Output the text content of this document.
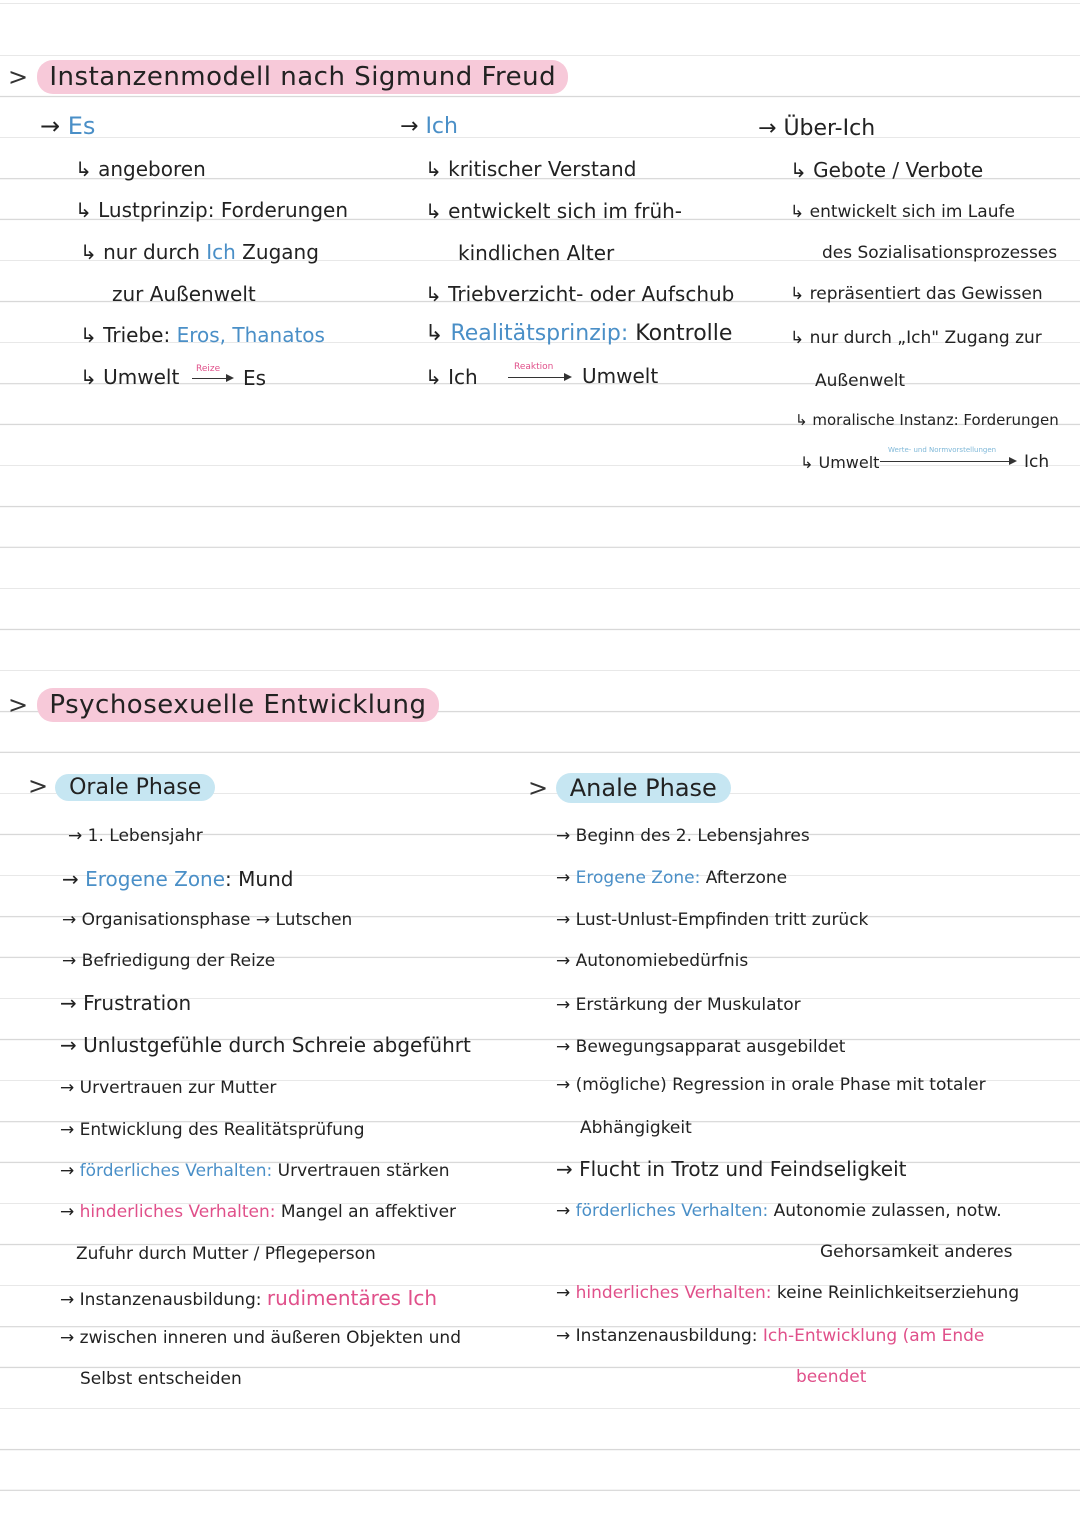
> Instanzenmodell nach Sigmund Freud
→ Es
↳ angeboren
↳ Lustprinzip: Forderungen
↳ nur durch Ich Zugang
zur Außenwelt
↳ Triebe: Eros, Thanatos
↳ Umwelt Reize Es
→ Ich
↳ kritischer Verstand
↳ entwickelt sich im früh-
kindlichen Alter
↳ Triebverzicht- oder Aufschub
↳ Realitätsprinzip: Kontrolle
↳ Ich	Reaktion Umwelt
→ Über-Ich
↳ Gebote / Verbote
↳ entwickelt sich im Laufe
des Sozialisationsprozesses
↳ repräsentiert das Gewissen
↳ nur durch „Ich" Zugang zur
Außenwelt
↳ moralische Instanz: Forderungen
↳ Umwelt
Werte- und Normvorstellungen
Ich
> Psychosexuelle Entwicklung
> Orale Phase
→ 1. Lebensjahr
→ Erogene Zone: Mund
→ Organisationsphase → Lutschen
→ Befriedigung der Reize
→ Frustration
→ Unlustgefühle durch Schreie abgeführt
→ Urvertrauen zur Mutter
→ Entwicklung des Realitätsprüfung
→ förderliches Verhalten: Urvertrauen stärken
→ hinderliches Verhalten: Mangel an affektiver
Zufuhr durch Mutter / Pflegeperson
→ Instanzenausbildung: rudimentäres Ich
→ zwischen inneren und äußeren Objekten und
Selbst entscheiden
> Anale Phase
→ Beginn des 2. Lebensjahres
→ Erogene Zone: Afterzone
→ Lust-Unlust-Empfinden tritt zurück
→ Autonomiebedürfnis
→ Erstärkung der Muskulator
→ Bewegungsapparat ausgebildet
→ (mögliche) Regression in orale Phase mit totaler
Abhängigkeit
→ Flucht in Trotz und Feindseligkeit
→ förderliches Verhalten: Autonomie zulassen, notw.
Gehorsamkeit anderes
→ hinderliches Verhalten: keine Reinlichkeitserziehung
→ Instanzenausbildung: Ich-Entwicklung (am Ende
beendet
